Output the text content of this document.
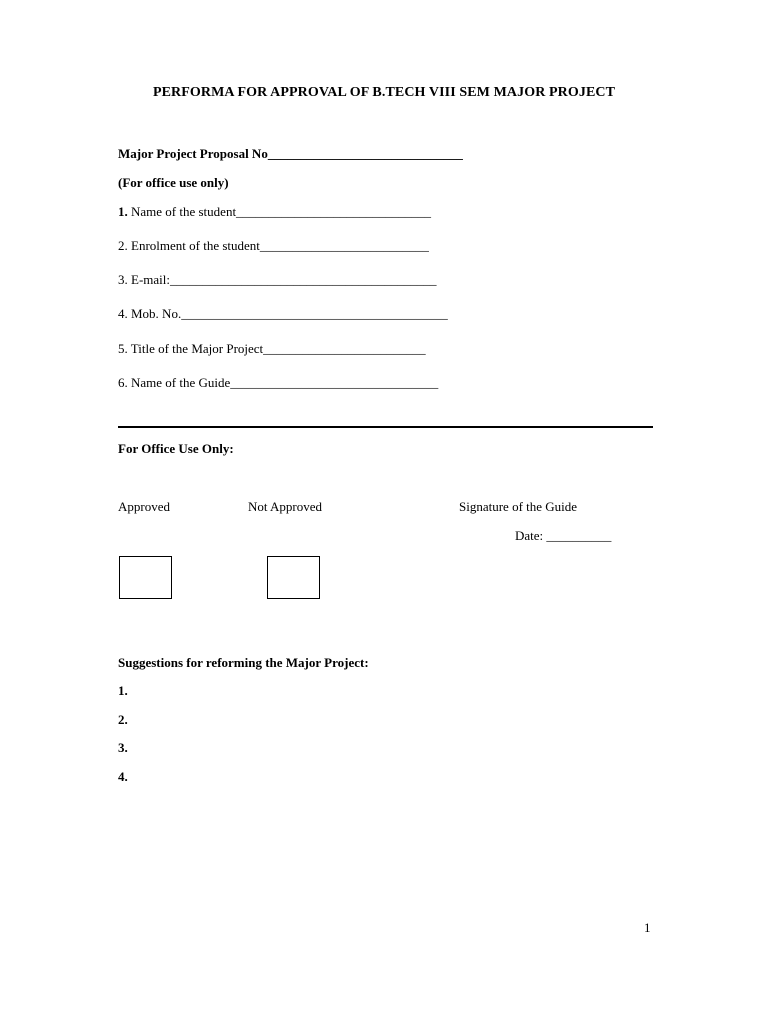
PERFORMA FOR APPROVAL OF B.TECH VIII SEM MAJOR PROJECT
Major Project Proposal No______________________________
(For office use only)
1. Name of the student______________________________
2. Enrolment of the student__________________________
3. E-mail:_________________________________________
4. Mob. No._________________________________________
5. Title of the Major Project_________________________
6. Name of the Guide________________________________
For Office Use Only:
Approved	Not Approved	Signature of the Guide
Date: __________
Suggestions for reforming the Major Project:
1.
2.
3.
4.
1
